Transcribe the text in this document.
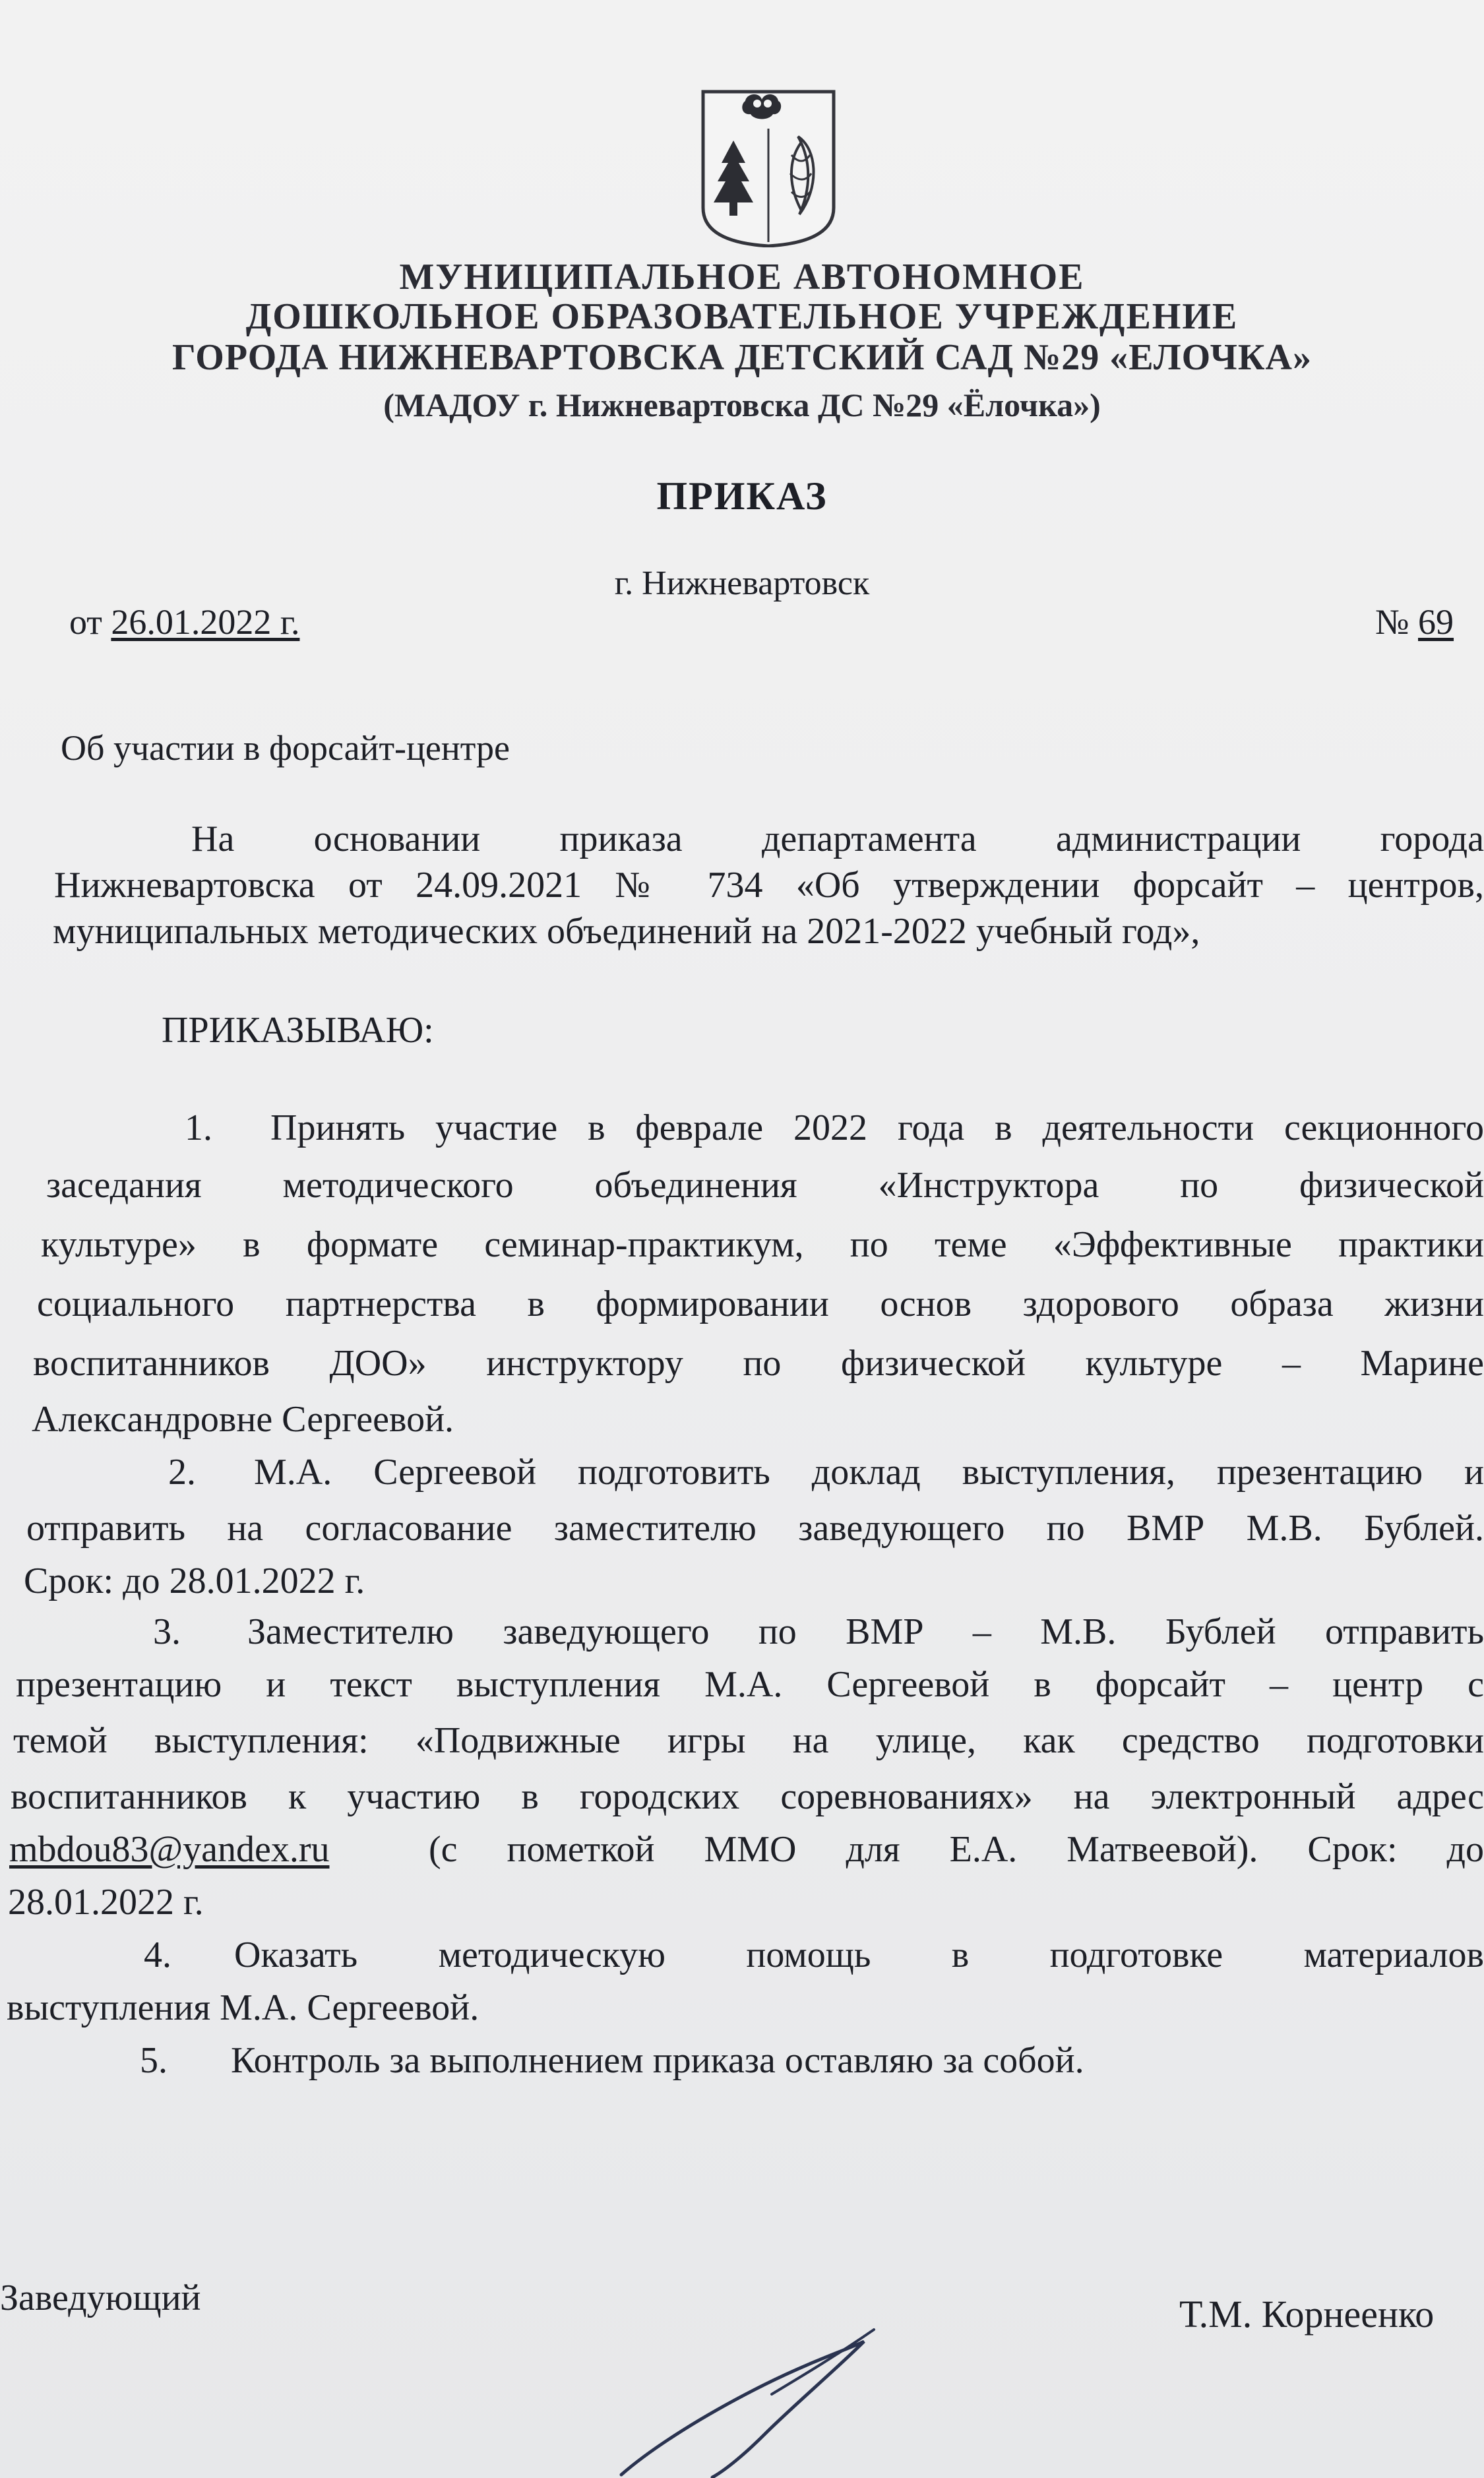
МУНИЦИПАЛЬНОЕ АВТОНОМНОЕ
ДОШКОЛЬНОЕ ОБРАЗОВАТЕЛЬНОЕ УЧРЕЖДЕНИЕ
ГОРОДА НИЖНЕВАРТОВСКА ДЕТСКИЙ САД №29 «ЕЛОЧКА»
(МАДОУ г. Нижневартовска ДС №29 «Ёлочка»)
ПРИКАЗ
г. Нижневартовск
от 26.01.2022 г.	№ 69
Об участии в форсайт-центре
На основании приказа департамента администрации города
Нижневартовска от 24.09.2021 № 734 «Об утверждении форсайт – центров,
муниципальных методических объединений на 2021-2022 учебный год»,
ПРИКАЗЫВАЮ:
1. Принять участие в феврале 2022 года в деятельности секционного
заседания методического объединения «Инструктора по физической
культуре» в формате семинар-практикум, по теме «Эффективные практики
социального партнерства в формировании основ здорового образа жизни
воспитанников ДОО» инструктору по физической культуре – Марине
Александровне Сергеевой.
2. М.А. Сергеевой подготовить доклад выступления, презентацию и
отправить на согласование заместителю заведующего по ВМР М.В. Бублей.
Срок: до 28.01.2022 г.
3. Заместителю заведующего по ВМР – М.В. Бублей отправить
презентацию и текст выступления М.А. Сергеевой в форсайт – центр с
темой выступления: «Подвижные игры на улице, как средство подготовки
воспитанников к участию в городских соревнованиях» на электронный адрес
mbdou83@yandex.ru	(с пометкой ММО для Е.А. Матвеевой). Срок: до
28.01.2022 г.
4. Оказать методическую помощь в подготовке материалов
выступления М.А. Сергеевой.
5. Контроль за выполнением приказа оставляю за собой.
Заведующий	Т.М. Корнеенко
